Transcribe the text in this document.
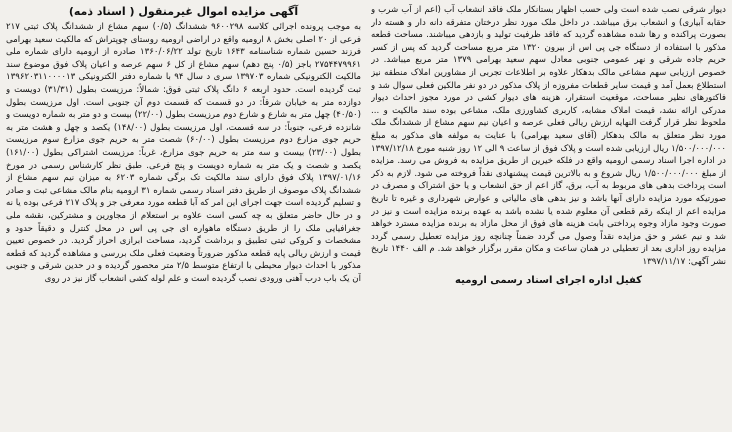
آگهی مزایده اموال غیرمنقول ( اسناد ذمه)

به موجب پرونده اجرائی کلاسه ۹۶۰۰۲۹۸ ششدانگ (۰/۵) سهم مشاع از ششدانگ پلاک ثبتی ۲۱۷ فرعی از ۲۰ اصلی بخش ۸ ارومیه واقع در اراضی ارومیه روستای چوپتراش که مالکیت سعید بهرامی فرزند حسین شماره شناسنامه ۱۶۴۳ تاریخ تولد ۱۳۶۰/۰۶/۲۲ صادره از ارومیه دارای شماره ملی ۲۷۵۴۴۷۹۹۶۱ باجز (۰/۵ پنج دهم) سهم مشاع از کل ۶ سهم عرصه و اعیان پلاک فوق موضوع سند مالکیت الکترونیکی شماره ۱۳۹۷۰۳ سری د سال ۹۴ با شماره دفتر الکترونیکی ۱۳۹۶۲۰۳۱۱۰۰۰۰۱۳ ثبت گردیده است. حدود اربعه ۶ دانگ پلاک ثبتی فوق: شمالاً: مرزیست بطول (۳۱/۳۱) دویست و دوازده متر به خیابان شرقاً: در دو قسمت که قسمت دوم آن جنوبی است. اول مرزیست بطول (۴۰/۵۰) چهل متر به شارع و شارع دوم مرزیست بطول (۲۲/۰۰) بیست و دو متر به شماره دویست و شانزده فرعی، جنوباً: در سه قسمت، اول مرزیست بطول (۱۴۸/۰۰) یکصد و چهل و هشت متر به حریم جوی مزارع دوم مرزیست بطول (۶۰/۰۰) شصت متر به حریم جوی مزارع سوم مرزیست بطول (۲۳/۰۰) بیست و سه متر به حریم جوی مزارع، غرباً: مرزیست اشتراکی بطول (۱۶۱/۰۰) یکصد و شصت و یک متر به شماره دویست و پنج فرعی. طبق نظر کارشناس رسمی در مورخ ۱۳۹۷/۰۱/۱۶ پلاک فوق دارای سند مالکیت تک برگی شماره ۶۲۰۳ به میزان نیم سهم مشاع از ششدانگ پلاک موصوف از طریق دفتر اسناد رسمی شماره ۳۱ ارومیه بنام مالک مشاعی ثبت و صادر و تسلیم گردیده است جهت اجرای این امر که آبا قطعه مورد معرفی جز و پلاک ۲۱۷ فرعی بوده یا نه و در حال حاضر متعلق به چه کسی است علاوه بر استعلام از مجاورین و مشترکین، نقشه ملی جغرافیایی ملک را از طریق دستگاه ماهواره ای جی پی اس در محل کنترل و دقیقاً حدود و مشخصات و کروکی ثبتی تطبیق و برداشت گردید، مساحت ابرازی احراز گردید. در خصوص تعیین قیمت و ارزش ریالی پایه قطعه مذکور ضرورتاً وضعیت فعلی ملک بررسی و مشاهده گردید که قطعه مذکور با احداث دیوار محیطی با ارتفاع متوسط ۲/۵ متر محصور گردیده و در حدین شرقی و جنوبی آن یک باب درب آهنی ورودی نصب گردیده است و علم لوله کشی انشعاب گاز نیز در روی

دیوار شرقی نصب شده است ولی حسب اظهار بستانکار ملک فاقد انشعاب آب (اعم از آب شرب و حقابه آبیاری) و انشعاب برق میباشد. در داخل ملک مورد نظر درختان متفرقه دانه دار و هسته دار بصورت پراکنده و رها شده مشاهده گردید که فاقد ظرفیت تولید و بازدهی میباشند. مساحت قطعه مذکور با استفاده از دستگاه جی پی اس از بیرون ۱۳۲۰ متر مربع مساحت گردید که پس از کسر حریم جاده شرقی و نهر عمومی جنوبی معادل سهم سعید بهرامی ۱۳۷۹ متر مربع میباشد. در خصوص ارزیابی سهم مشاعی مالک بدهکار علاوه بر اطلاعات تجربی از مشاورین املاک منطقه نیز استطلاع بعمل آمد و قیمت سایر قطعات مفروزه از پلاک مذکور در دو نفر مالکین فعلی سوال شد و فاکتورهای نظیر مساحت، موقعیت استقرار، هزینه های دیوار کشی در مورد مجوز احداث دیوار مدرکی ارائه نشد، قیمت املاک مشابه، کاربری کشاورزی ملک، مشاعی بوده سند مالکیت و ... ملحوظ نظر قرار گرفت النهایه ارزش ریالی فعلی عرصه و اعیان نیم سهم مشاع از ششدانگ ملک مورد نظر متعلق به مالک بدهکار (آقای سعید بهرامی) با عنایت به مولفه های مذکور به مبلغ ۱/۵۰۰/۰۰۰/۰۰۰ ریال ارزیابی شده است و پلاک فوق از ساعت ۹ الی ۱۲ روز شنبه مورخ ۱۳۹۷/۱۲/۱۸ در اداره اجرا اسناد رسمی ارومیه واقع در فلکه خیرین از طریق مزایده به فروش می رسد. مزایده از مبلغ ۱/۵۰۰/۰۰۰/۰۰۰ ریال شروع و به بالاترین قیمت پیشنهادی نقداً فروخته می شود. لازم به ذکر است پرداخت بدهی های مربوط به آب، برق، گاز اعم از حق انشعاب و یا حق اشتراک و مصرف در صورتیکه مورد مزایده دارای آنها باشد و نیز بدهی های مالیاتی و عوارض شهرداری و غیره تا تاریخ مزایده اعم از اینکه رقم قطعی آن معلوم شده یا نشده باشد به عهده برنده مزایده است و نیز در صورت وجود مازاد وجوه پرداختی بابت هزینه های فوق از محل مازاد به برنده مزایده مسترد خواهد شد و نیم عشر و حق مزایده نقداً وصول می گردد ضمناً چنانچه روز مزایده تعطیل رسمی گردد مزایده روز اداری بعد از تعطیلی در همان ساعت و مکان مقرر برگزار خواهد شد. م الف ۱۴۴۰ تاریخ نشر آگهی: ۱۳۹۷/۱۱/۱۷

کفیل اداره اجرای اسناد رسمی ارومیه
